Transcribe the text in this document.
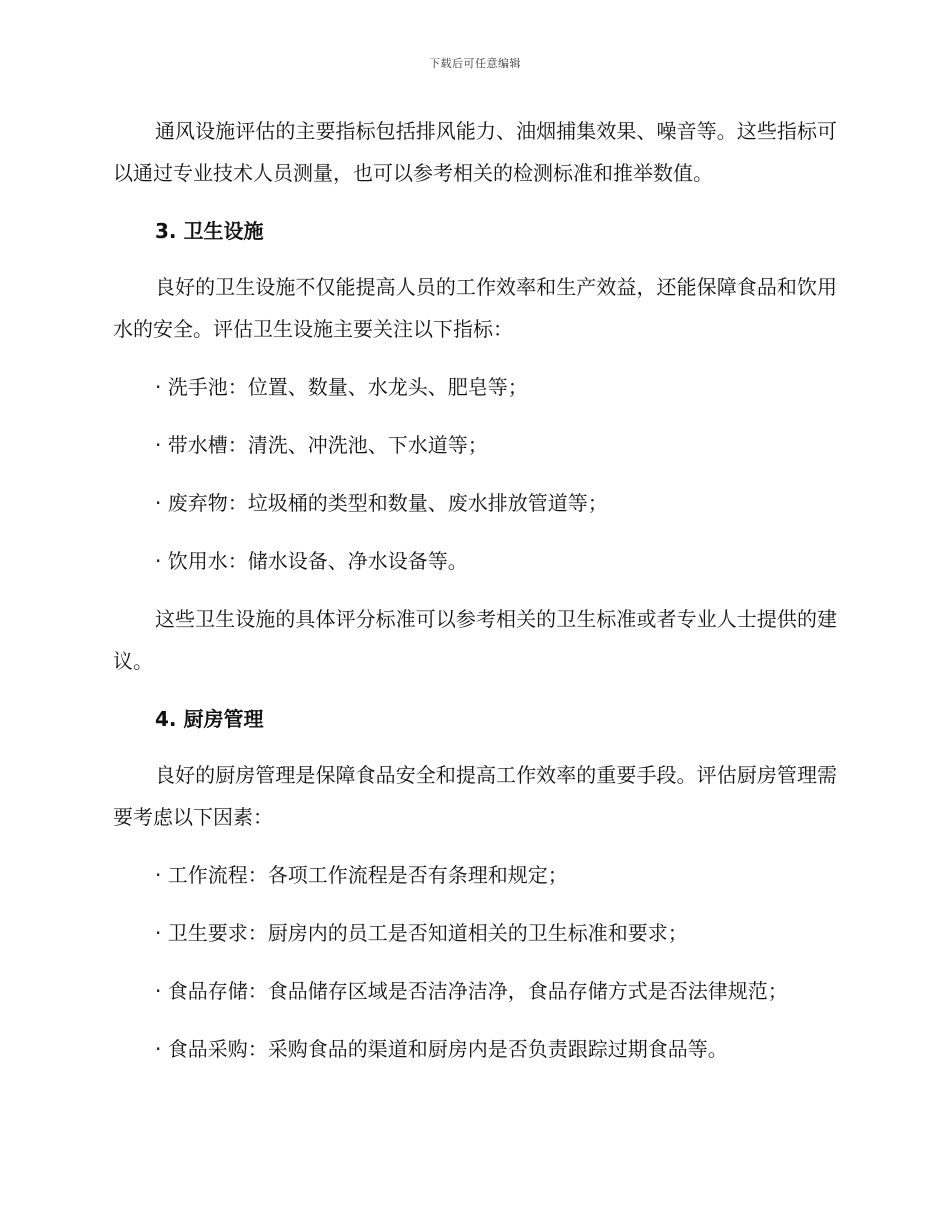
下载后可任意编辑

通风设施评估的主要指标包括排风能力、油烟捕集效果、噪音等。这些指标可以通过专业技术人员测量，也可以参考相关的检测标准和推举数值。

3. 卫生设施

良好的卫生设施不仅能提高人员的工作效率和生产效益，还能保障食品和饮用水的安全。评估卫生设施主要关注以下指标：

· 洗手池：位置、数量、水龙头、肥皂等；

· 带水槽：清洗、冲洗池、下水道等；

· 废弃物：垃圾桶的类型和数量、废水排放管道等；

· 饮用水：储水设备、净水设备等。

这些卫生设施的具体评分标准可以参考相关的卫生标准或者专业人士提供的建议。

4. 厨房管理

良好的厨房管理是保障食品安全和提高工作效率的重要手段。评估厨房管理需要考虑以下因素：

· 工作流程：各项工作流程是否有条理和规定；

· 卫生要求：厨房内的员工是否知道相关的卫生标准和要求；

· 食品存储：食品储存区域是否洁净洁净，食品存储方式是否法律规范；

· 食品采购：采购食品的渠道和厨房内是否负责跟踪过期食品等。
